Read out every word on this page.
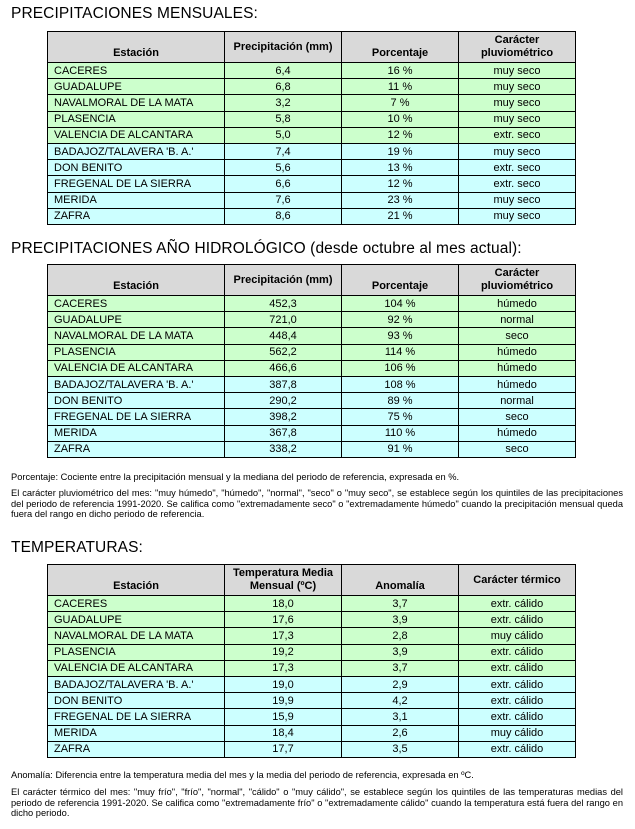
PRECIPITACIONES MENSUALES:
Estación	Precipitación (mm)	Porcentaje	Carácter pluviométrico
CACERES	6,4	16 %	muy seco
GUADALUPE	6,8	11 %	muy seco
NAVALMORAL DE LA MATA	3,2	7 %	muy seco
PLASENCIA	5,8	10 %	muy seco
VALENCIA DE ALCANTARA	5,0	12 %	extr. seco
BADAJOZ/TALAVERA 'B. A.'	7,4	19 %	muy seco
DON BENITO	5,6	13 %	extr. seco
FREGENAL DE LA SIERRA	6,6	12 %	extr. seco
MERIDA	7,6	23 %	muy seco
ZAFRA	8,6	21 %	muy seco
PRECIPITACIONES AÑO HIDROLÓGICO (desde octubre al mes actual):
Estación	Precipitación (mm)	Porcentaje	Carácter pluviométrico
CACERES	452,3	104 %	húmedo
GUADALUPE	721,0	92 %	normal
NAVALMORAL DE LA MATA	448,4	93 %	seco
PLASENCIA	562,2	114 %	húmedo
VALENCIA DE ALCANTARA	466,6	106 %	húmedo
BADAJOZ/TALAVERA 'B. A.'	387,8	108 %	húmedo
DON BENITO	290,2	89 %	normal
FREGENAL DE LA SIERRA	398,2	75 %	seco
MERIDA	367,8	110 %	húmedo
ZAFRA	338,2	91 %	seco

Porcentaje: Cociente entre la precipitación mensual y la mediana del periodo de referencia, expresada en %.

El carácter pluviométrico del mes: "muy húmedo", "húmedo", "normal", "seco" o "muy seco", se establece según los quintiles de las precipitaciones del periodo de referencia 1991-2020. Se califica como "extremadamente seco" o "extremadamente húmedo" cuando la precipitación mensual queda fuera del rango en dicho periodo de referencia.

TEMPERATURAS:
Estación	Temperatura Media Mensual (ºC)	Anomalía	Carácter térmico
CACERES	18,0	3,7	extr. cálido
GUADALUPE	17,6	3,9	extr. cálido
NAVALMORAL DE LA MATA	17,3	2,8	muy cálido
PLASENCIA	19,2	3,9	extr. cálido
VALENCIA DE ALCANTARA	17,3	3,7	extr. cálido
BADAJOZ/TALAVERA 'B. A.'	19,0	2,9	extr. cálido
DON BENITO	19,9	4,2	extr. cálido
FREGENAL DE LA SIERRA	15,9	3,1	extr. cálido
MERIDA	18,4	2,6	muy cálido
ZAFRA	17,7	3,5	extr. cálido

Anomalía: Diferencia entre la temperatura media del mes y la media del periodo de referencia, expresada en ºC.

El carácter térmico del mes: "muy frío", "frío", "normal", "cálido" o "muy cálido", se establece según los quintiles de las temperaturas medias del periodo de referencia 1991-2020. Se califica como "extremadamente frío" o "extremadamente cálido" cuando la temperatura está fuera del rango en dicho periodo.
